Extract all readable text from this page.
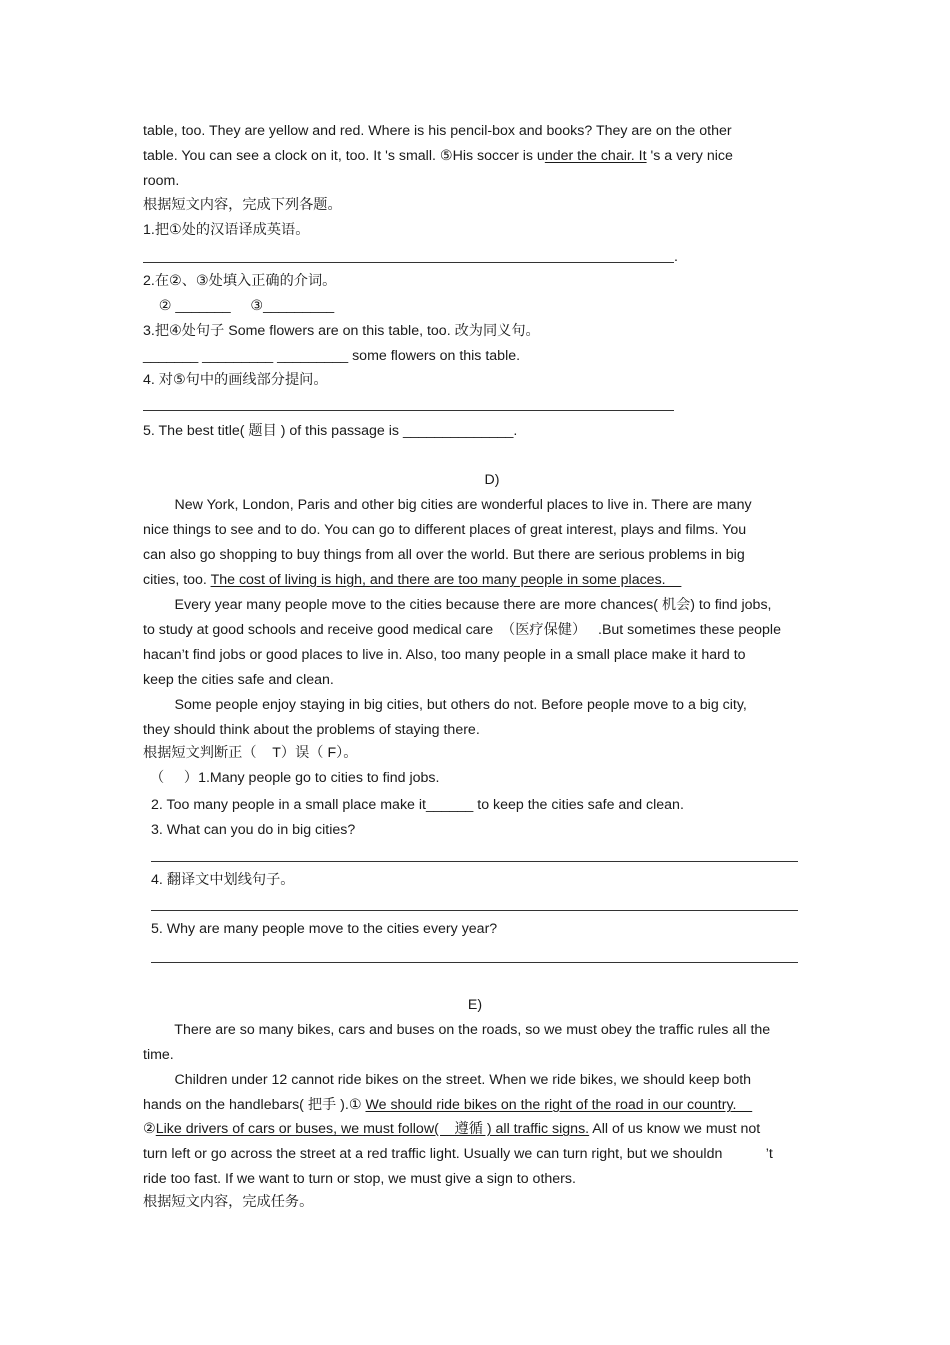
table, too. They are yellow and red. Where is his pencil-box and books? They are on the other
table. You can see a clock on it, too. It 's small. ⑤His soccer is under the chair. It 's a very nice
room.
根据短文内容，完成下列各题。
1.把①处的汉语译成英语。
.
2.在②、③处填入正确的介词。
② _______     ③_________
3.把④处句子 Some flowers are on this table, too. 改为同义句。
_______ _________ _________ some flowers on this table.
4. 对⑤句中的画线部分提问。
5. The best title( 题目 ) of this passage is ______________.
D)
New York, London, Paris and other big cities are wonderful places to live in. There are many
nice things to see and to do. You can go to different places of great interest, plays and films. You
can also go shopping to buy things from all over the world. But there are serious problems in big
cities, too. The cost of living is high, and there are too many people in some places.
Every year many people move to the cities because there are more chances( 机会) to find jobs,
to study at good schools and receive good medical care  （医疗保健）   .But sometimes these people
hacan’t find jobs or good places to live in. Also, too many people in a small place make it hard to
keep the cities safe and clean.
Some people enjoy staying in big cities, but others do not. Before people move to a big city,
they should think about the problems of staying there.
根据短文判断正（    T）误（ F）。
（     ）1.Many people go to cities to find jobs.
2. Too many people in a small place make it______ to keep the cities safe and clean.
3. What can you do in big cities?
4. 翻译文中划线句子。
5. Why are many people move to the cities every year?
E)
There are so many bikes, cars and buses on the roads, so we must obey the traffic rules all the
time.
Children under 12 cannot ride bikes on the street. When we ride bikes, we should keep both
hands on the handlebars( 把手 ).① We should ride bikes on the right of the road in our country.
②Like drivers of cars or buses, we must follow(    遵循 ) all traffic signs. All of us know we must not
turn left or go across the street at a red traffic light. Usually we can turn right, but we shouldn           ’t
ride too fast. If we want to turn or stop, we must give a sign to others.
根据短文内容，完成任务。
